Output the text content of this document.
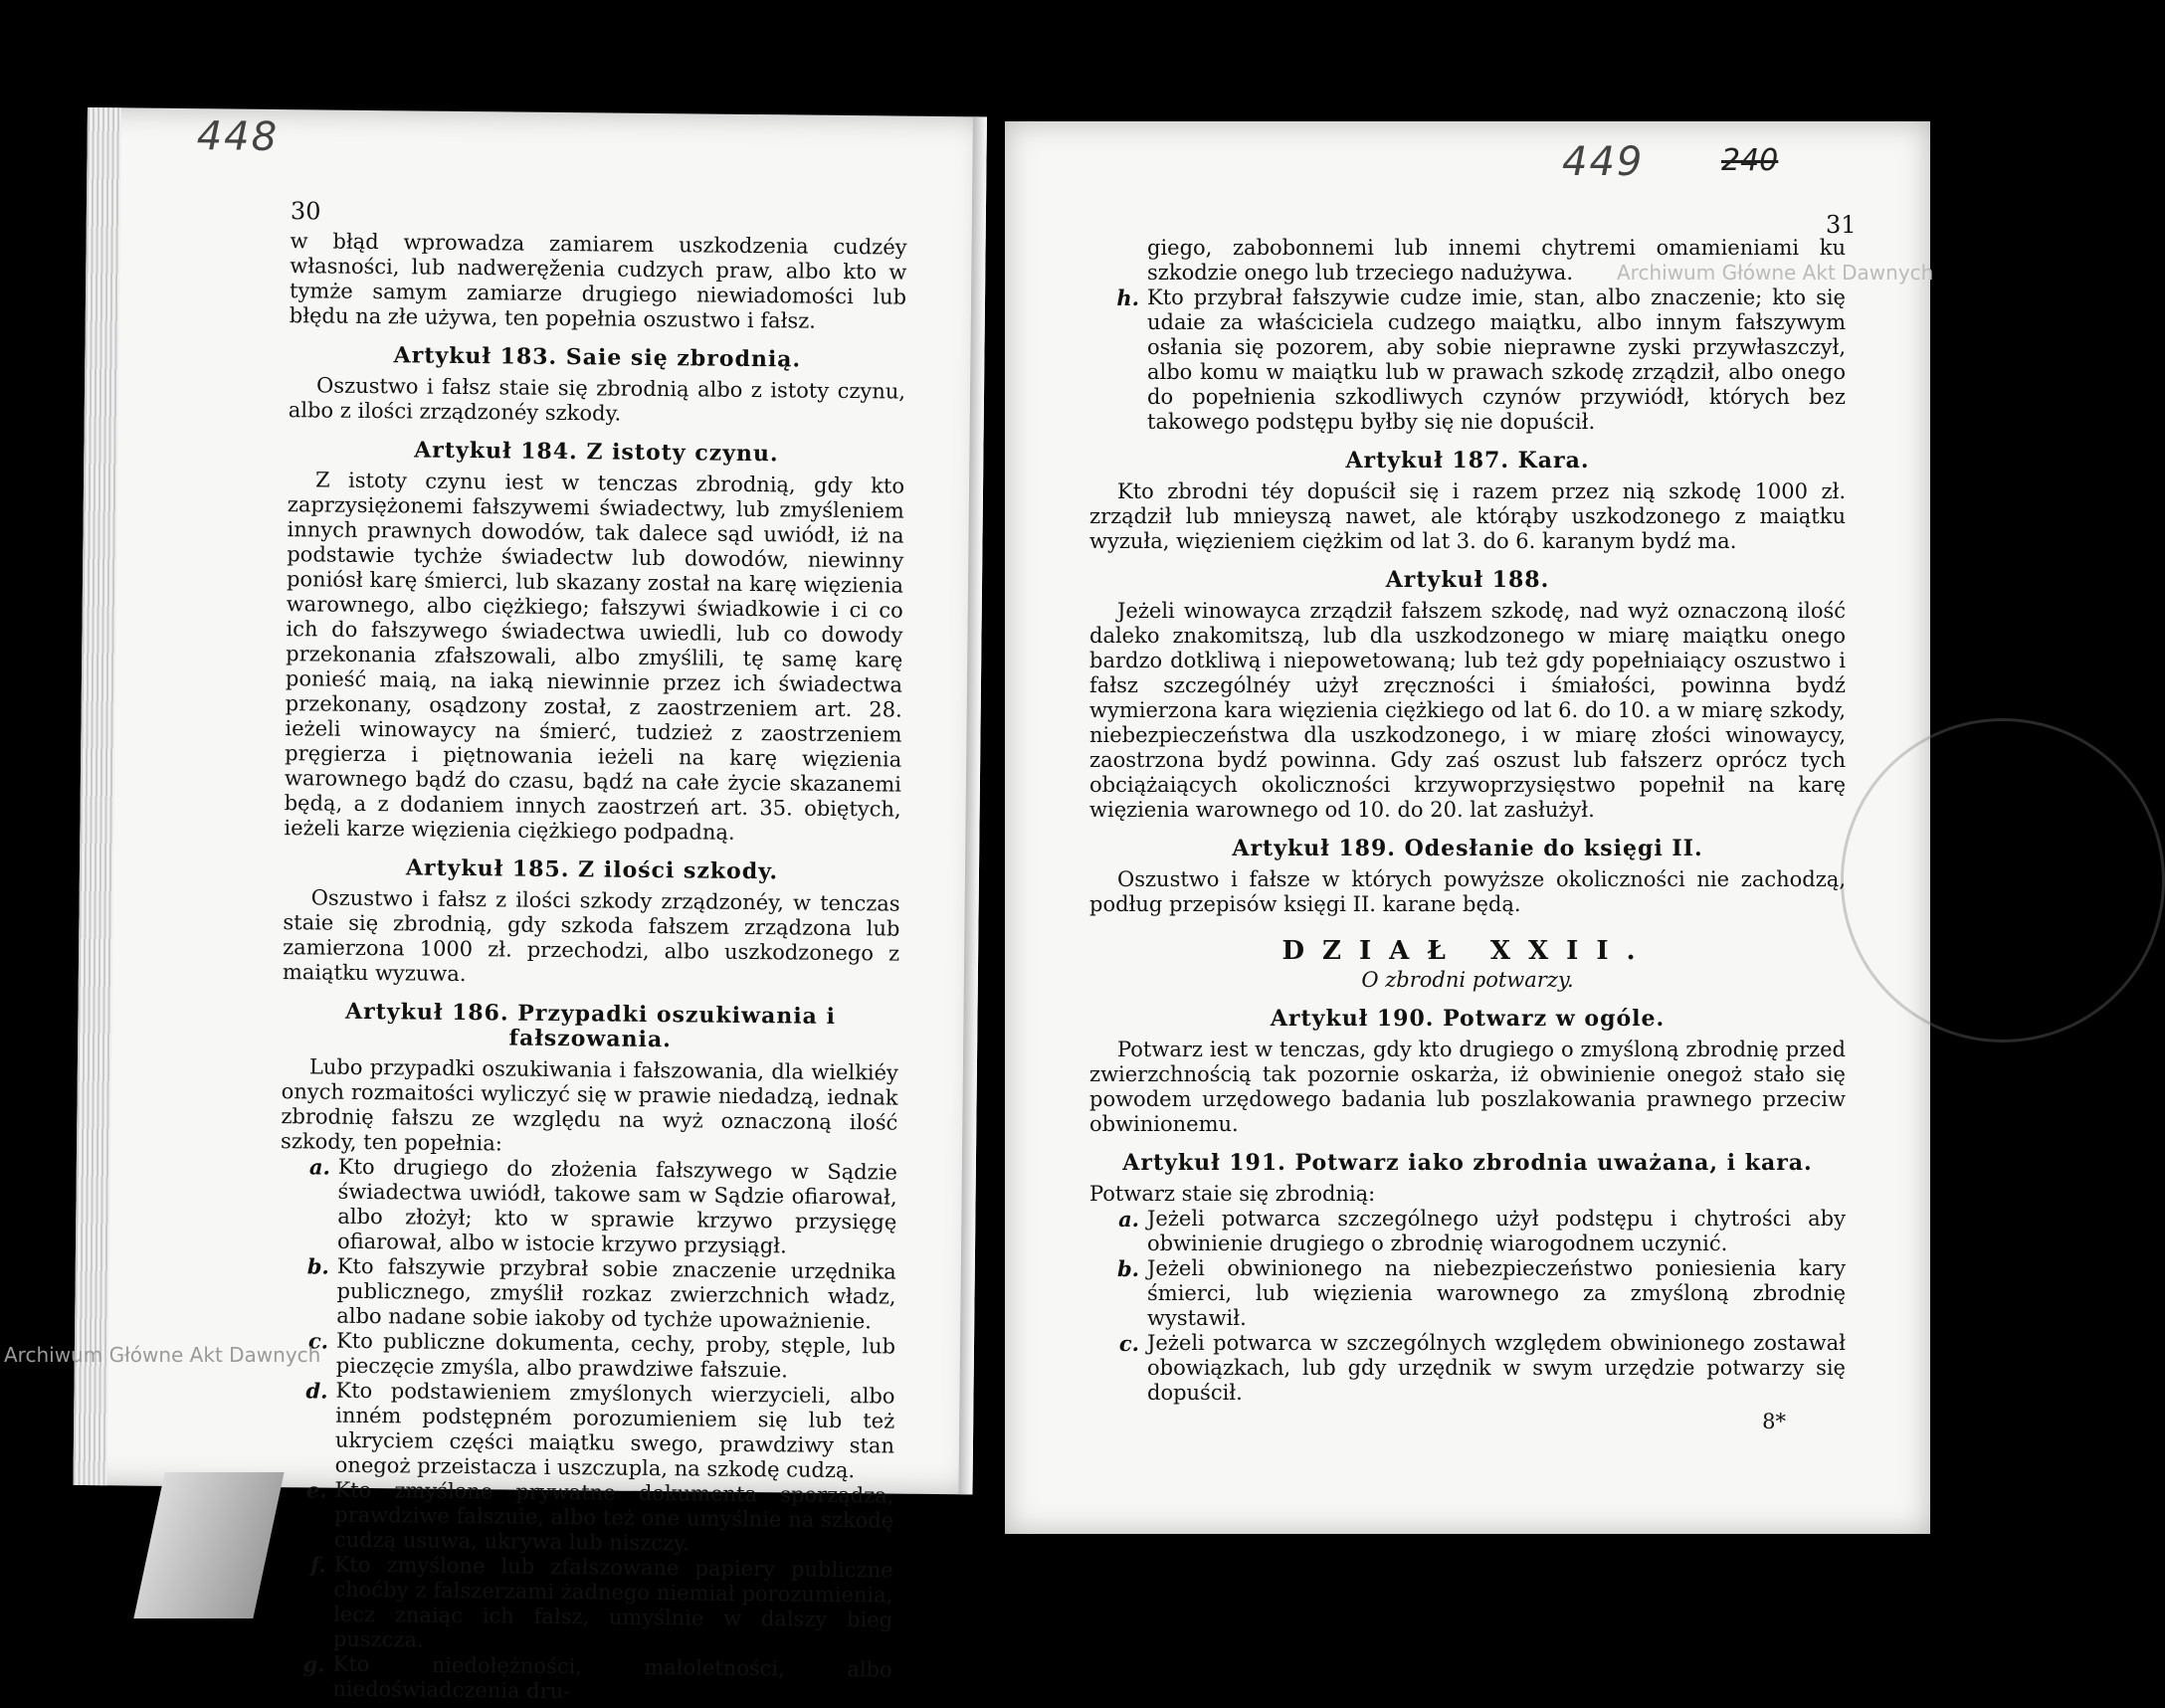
448
30

w błąd wprowadza zamiarem uszkodzenia cudzéy własności, lub nadweręženia cudzych praw, albo kto w tymże samym zamiarze drugiego niewiadomości lub błędu na złe używa, ten popełnia oszustwo i fałsz.

Artykuł 183. Saie się zbrodnią.

Oszustwo i fałsz staie się zbrodnią albo z istoty czynu, albo z ilości zrządzonéy szkody.

Artykuł 184. Z istoty czynu.

Z istoty czynu iest w tenczas zbrodnią, gdy kto zaprzysiężonemi fałszywemi świadectwy, lub zmyśleniem innych prawnych dowodów, tak dalece sąd uwiódł, iż na podstawie tychże świadectw lub dowodów, niewinny poniósł karę śmierci, lub skazany został na karę więzienia warownego, albo ciężkiego; fałszywi świadkowie i ci co ich do fałszywego świadectwa uwiedli, lub co dowody przekonania zfałszowali, albo zmyślili, tę samę karę ponieść maią, na iaką niewinnie przez ich świadectwa przekonany, osądzony został, z zaostrzeniem art. 28. ieżeli winowaycy na śmierć, tudzież z zaostrzeniem pręgierza i piętnowania ieżeli na karę więzienia warownego bądź do czasu, bądź na całe życie skazanemi będą, a z dodaniem innych zaostrzeń art. 35. obiętych, ieżeli karze więzienia ciężkiego podpadną.

Artykuł 185. Z ilości szkody.

Oszustwo i fałsz z ilości szkody zrządzonéy, w tenczas staie się zbrodnią, gdy szkoda fałszem zrządzona lub zamierzona 1000 zł. przechodzi, albo uszkodzonego z maiątku wyzuwa.

Artykuł 186. Przypadki oszukiwania i fałszowania.

Lubo przypadki oszukiwania i fałszowania, dla wielkiéy onych rozmaitości wyliczyć się w prawie niedadzą, iednak zbrodnię fałszu ze względu na wyż oznaczoną ilość szkody, ten popełnia:

a. Kto drugiego do złożenia fałszywego w Sądzie świadectwa uwiódł, takowe sam w Sądzie ofiarował, albo złożył; kto w sprawie krzywo przysięgę ofiarował, albo w istocie krzywo przysiągł.
b. Kto fałszywie przybrał sobie znaczenie urzędnika publicznego, zmyślił rozkaz zwierzchnich władz, albo nadane sobie iakoby od tychże upoważnienie.
c. Kto publiczne dokumenta, cechy, proby, stęple, lub pieczęcie zmyśla, albo prawdziwe fałszuie.
d. Kto podstawieniem zmyślonych wierzycieli, albo inném podstępném porozumieniem się lub też ukryciem części maiątku swego, prawdziwy stan onegoż przeistacza i uszczupla, na szkodę cudzą.
e. Kto zmyślone prywatne dokumenta sporządza, prawdziwe fałszuie, albo też one umyślnie na szkodę cudzą usuwa, ukrywa lub niszczy.
f. Kto zmyślone lub zfałszowane papiery publiczne choćby z fałszerzami żadnego niemiał porozumienia, lecz znaiąc ich fałsz, umyślnie w dalszy bieg puszcza.
g. Kto niedołężności, małoletności, albo niedoświadczenia dru-
449	240
31
giego, zabobonnemi lub innemi chytremi omamieniami ku szkodzie onego lub trzeciego nadużywa.
h. Kto przybrał fałszywie cudze imie, stan, albo znaczenie; kto się udaie za właściciela cudzego maiątku, albo innym fałszywym osłania się pozorem, aby sobie nieprawne zyski przywłaszczył, albo komu w maiątku lub w prawach szkodę zrządził, albo onego do popełnienia szkodliwych czynów przywiódł, których bez takowego podstępu byłby się nie dopuścił.
Artykuł 187. Kara.

Kto zbrodni téy dopuścił się i razem przez nią szkodę 1000 zł. zrządził lub mnieyszą nawet, ale którąby uszkodzonego z maiątku wyzuła, więzieniem ciężkim od lat 3. do 6. karanym bydź ma.

Artykuł 188.

Jeżeli winowayca zrządził fałszem szkodę, nad wyż oznaczoną ilość daleko znakomitszą, lub dla uszkodzonego w miarę maiątku onego bardzo dotkliwą i niepowetowaną; lub też gdy popełniaiący oszustwo i fałsz szczególnéy użył zręczności i śmiałości, powinna bydź wymierzona kara więzienia ciężkiego od lat 6. do 10. a w miarę szkody, niebezpieczeństwa dla uszkodzonego, i w miarę złości winowaycy, zaostrzona bydź powinna. Gdy zaś oszust lub fałszerz oprócz tych obciążaiących okoliczności krzywoprzysięstwo popełnił na karę więzienia warownego od 10. do 20. lat zasłużył.

Artykuł 189. Odesłanie do księgi II.

Oszustwo i fałsze w których powyższe okoliczności nie zachodzą, podług przepisów księgi II. karane będą.

DZIAŁ XXII.
O zbrodni potwarzy.
Artykuł 190. Potwarz w ogóle.

Potwarz iest w tenczas, gdy kto drugiego o zmyśloną zbrodnię przed zwierzchnością tak pozornie oskarża, iż obwinienie onegoż stało się powodem urzędowego badania lub poszlakowania prawnego przeciw obwinionemu.

Artykuł 191. Potwarz iako zbrodnia uważana, i kara.

Potwarz staie się zbrodnią:

a. Jeżeli potwarca szczególnego użył podstępu i chytrości aby obwinienie drugiego o zbrodnię wiarogodnem uczynić.
b. Jeżeli obwinionego na niebezpieczeństwo poniesienia kary śmierci, lub więzienia warownego za zmyśloną zbrodnię wystawił.
c. Jeżeli potwarca w szczególnych względem obwinionego zostawał obowiązkach, lub gdy urzędnik w swym urzędzie potwarzy się dopuścił.
8*
Archiwum Główne Akt Dawnych
Archiwum Główne Akt Dawnych
